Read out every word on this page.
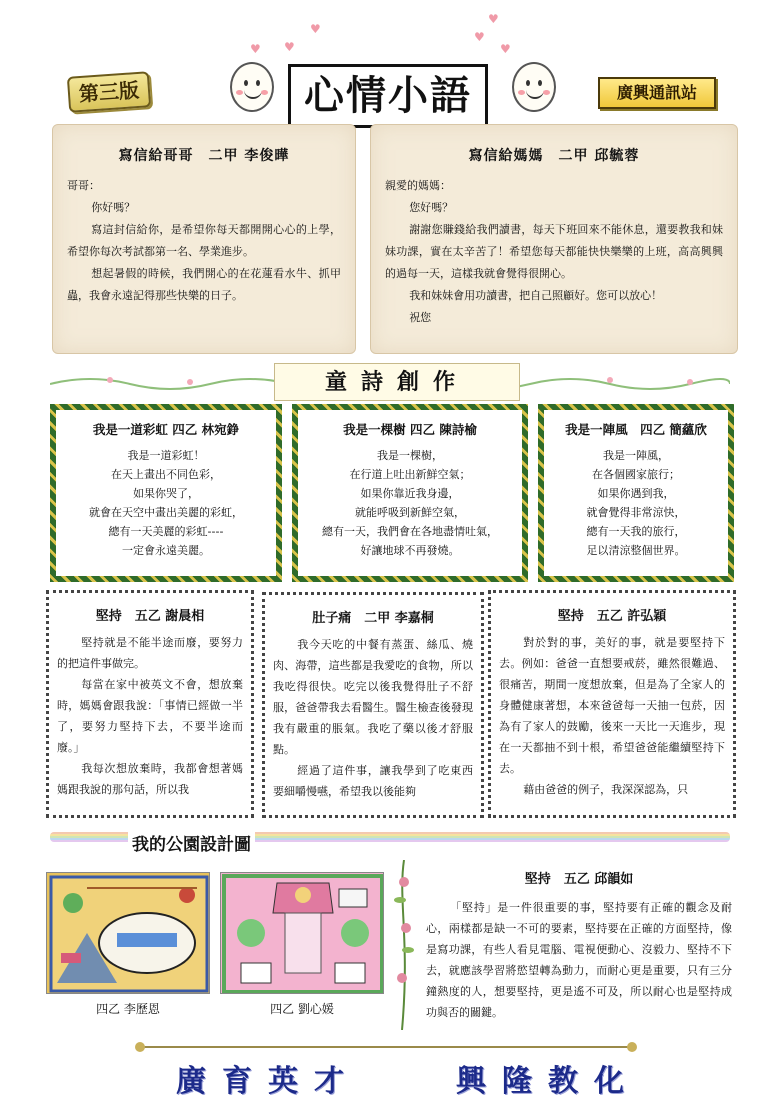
第三版	心情小語	廣興通訊站
♥
♥
♥
♥
♥
♥
寫信給哥哥　二甲 李俊曄

哥哥：

你好嗎？

寫這封信給你，是希望你每天都開開心心的上學，希望你每次考試都第一名、學業進步。

想起暑假的時候，我們開心的在花蓮看水牛、抓甲蟲，我會永遠記得那些快樂的日子。

寫信給媽媽　二甲 邱毓蓉

親愛的媽媽：

您好嗎？

謝謝您賺錢給我們讀書，每天下班回來不能休息，還要教我和妹妹功課，實在太辛苦了！希望您每天都能快快樂樂的上班，高高興興的過每一天，這樣我就會覺得很開心。

我和妹妹會用功讀書，把自己照顧好。您可以放心！

祝您

童詩創作
我是一道彩虹 四乙 林宛錚

我是一道彩虹！

在天上畫出不同色彩，

如果你哭了，

就會在天空中畫出美麗的彩虹，

總有一天美麗的彩虹----

一定會永遠美麗。

我是一棵樹 四乙 陳詩榆

我是一棵樹，

在行道上吐出新鮮空氣；

如果你靠近我身邊，

就能呼吸到新鮮空氣，

總有一天，我們會在各地盡情吐氣，

好讓地球不再發燒。

我是一陣風　四乙 簡蘊欣

我是一陣風，

在各個國家旅行；

如果你遇到我，

就會覺得非常涼快，

總有一天我的旅行，

足以清涼整個世界。

堅持　五乙 謝晨相

堅持就是不能半途而廢，要努力的把這件事做完。

每當在家中被英文不會，想放棄時，媽媽會跟我說：「事情已經做一半了，要努力堅持下去，不要半途而廢。」

我每次想放棄時，我都會想著媽媽跟我說的那句話，所以我

肚子痛　二甲 李嘉桐

我今天吃的中餐有蒸蛋、絲瓜、燒肉、海帶，這些都是我愛吃的食物，所以我吃得很快。吃完以後我覺得肚子不舒服，爸爸帶我去看醫生。醫生檢查後發現我有嚴重的脹氣。我吃了藥以後才舒服點。

經過了這件事，讓我學到了吃東西要細嚼慢嚥，希望我以後能夠

堅持　五乙 許弘穎

對於對的事，美好的事，就是要堅持下去。例如：爸爸一直想要戒菸，雖然很難過、很痛苦，期間一度想放棄，但是為了全家人的身體健康著想，本來爸爸每一天抽一包菸，因為有了家人的鼓勵，後來一天比一天進步，現在一天都抽不到十根，希望爸爸能繼續堅持下去。

藉由爸爸的例子，我深深認為，只

我的公園設計圖
四乙 李歷恩	四乙 劉心媛
堅持　五乙 邱韻如

「堅持」是一件很重要的事，堅持要有正確的觀念及耐心，兩樣都是缺一不可的要素，堅持要在正確的方面堅持，像是寫功課，有些人看見電腦、電視便動心、沒毅力、堅持不下去，就應該學習將慾望轉為動力，而耐心更是重要，只有三分鐘熱度的人，想要堅持，更是遙不可及，所以耐心也是堅持成功與否的關鍵。

廣育英才	興隆教化
